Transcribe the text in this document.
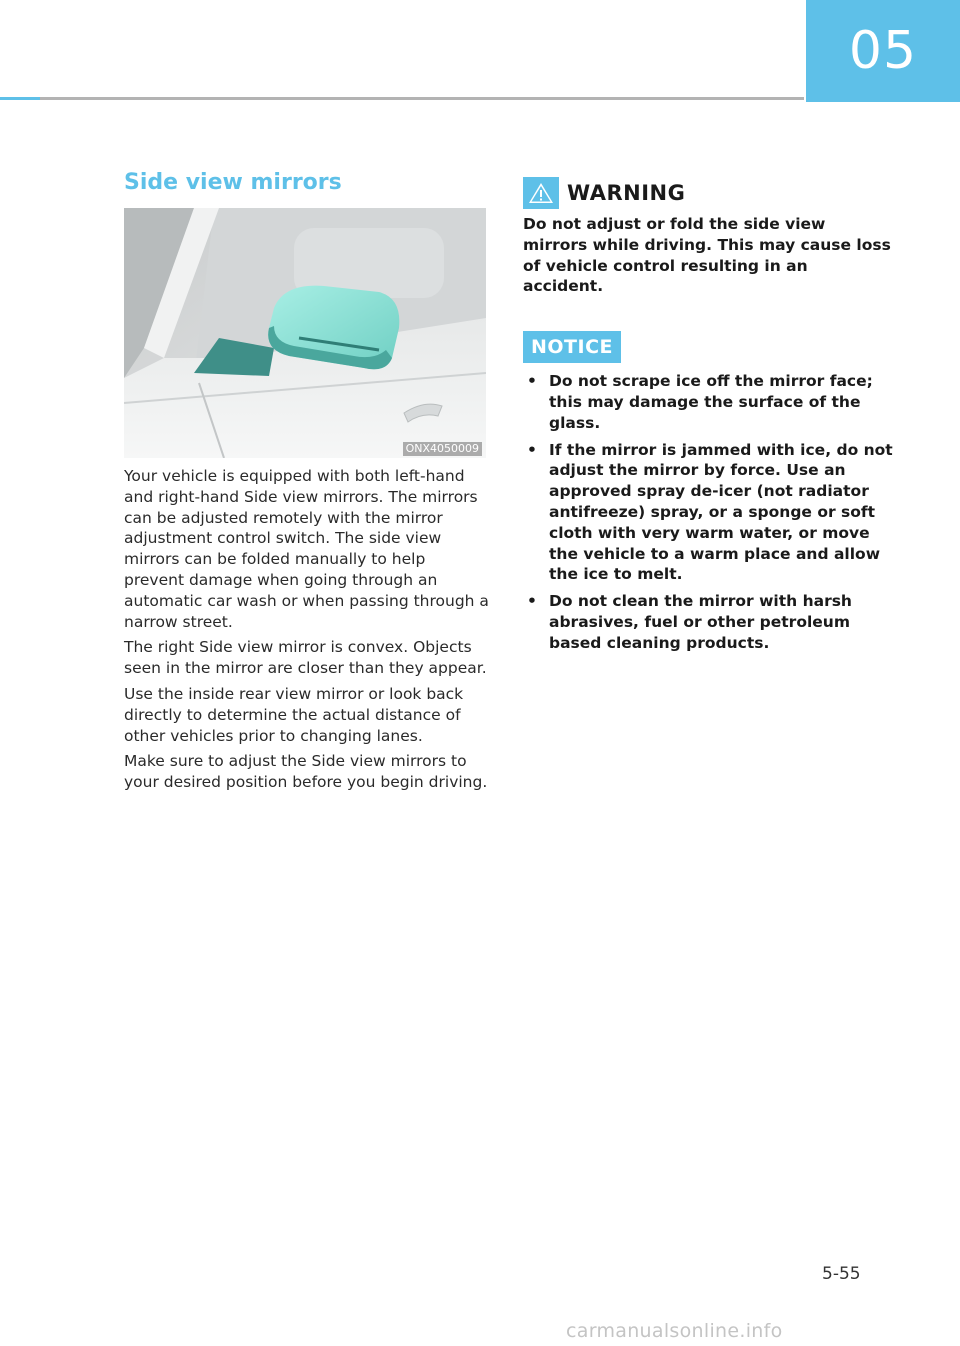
05
Side view mirrors
ONX4050009

Your vehicle is equipped with both left-hand and right-hand Side view mirrors. The mirrors can be adjusted remotely with the mirror adjustment control switch. The side view mirrors can be folded manually to help prevent damage when going through an automatic car wash or when passing through a narrow street.

The right Side view mirror is convex. Objects seen in the mirror are closer than they appear.

Use the inside rear view mirror or look back directly to determine the actual distance of other vehicles prior to changing lanes.

Make sure to adjust the Side view mirrors to your desired position before you begin driving.

WARNING

Do not adjust or fold the side view mirrors while driving. This may cause loss of vehicle control resulting in an accident.

NOTICE
• Do not scrape ice off the mirror face; this may damage the surface of the glass.
• If the mirror is jammed with ice, do not adjust the mirror by force. Use an approved spray de-icer (not radiator antifreeze) spray, or a sponge or soft cloth with very warm water, or move the vehicle to a warm place and allow the ice to melt.
• Do not clean the mirror with harsh abrasives, fuel or other petroleum based cleaning products.
5-55
carmanualsonline.info
